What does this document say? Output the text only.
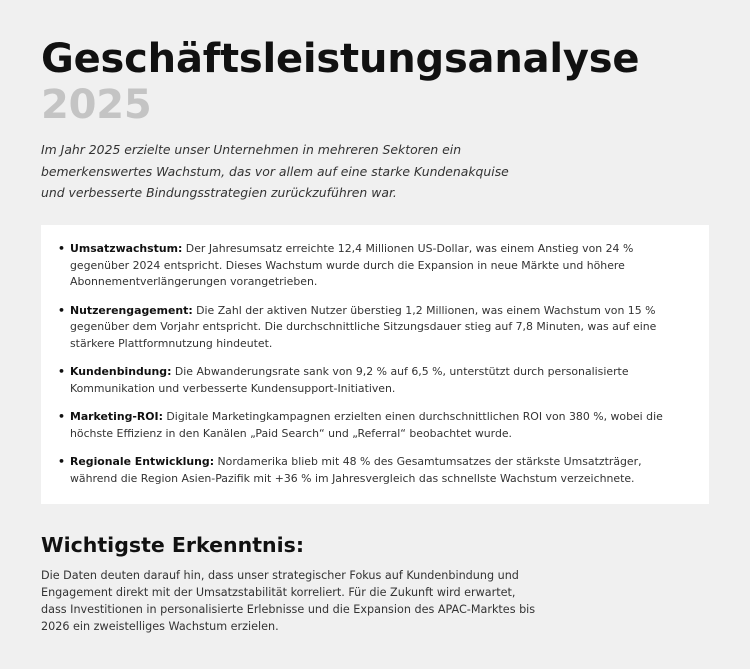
Geschäftsleistungsanalyse 2025

Im Jahr 2025 erzielte unser Unternehmen in mehreren Sektoren ein bemerkenswertes Wachstum, das vor allem auf eine starke Kundenakquise und verbesserte Bindungsstrategien zurückzuführen war.

• Umsatzwachstum: Der Jahresumsatz erreichte 12,4 Millionen US-Dollar, was einem Anstieg von 24 % gegenüber 2024 entspricht. Dieses Wachstum wurde durch die Expansion in neue Märkte und höhere Abonnementverlängerungen vorangetrieben.
• Nutzerengagement: Die Zahl der aktiven Nutzer überstieg 1,2 Millionen, was einem Wachstum von 15 % gegenüber dem Vorjahr entspricht. Die durchschnittliche Sitzungsdauer stieg auf 7,8 Minuten, was auf eine stärkere Plattformnutzung hindeutet.
• Kundenbindung: Die Abwanderungsrate sank von 9,2 % auf 6,5 %, unterstützt durch personalisierte Kommunikation und verbesserte Kundensupport-Initiativen.
• Marketing-ROI: Digitale Marketingkampagnen erzielten einen durchschnittlichen ROI von 380 %, wobei die höchste Effizienz in den Kanälen „Paid Search“ und „Referral“ beobachtet wurde.
• Regionale Entwicklung: Nordamerika blieb mit 48 % des Gesamtumsatzes der stärkste Umsatzträger, während die Region Asien-Pazifik mit +36 % im Jahresvergleich das schnellste Wachstum verzeichnete.
Wichtigste Erkenntnis:

Die Daten deuten darauf hin, dass unser strategischer Fokus auf Kundenbindung und Engagement direkt mit der Umsatzstabilität korreliert. Für die Zukunft wird erwartet, dass Investitionen in personalisierte Erlebnisse und die Expansion des APAC-Marktes bis 2026 ein zweistelliges Wachstum erzielen.
